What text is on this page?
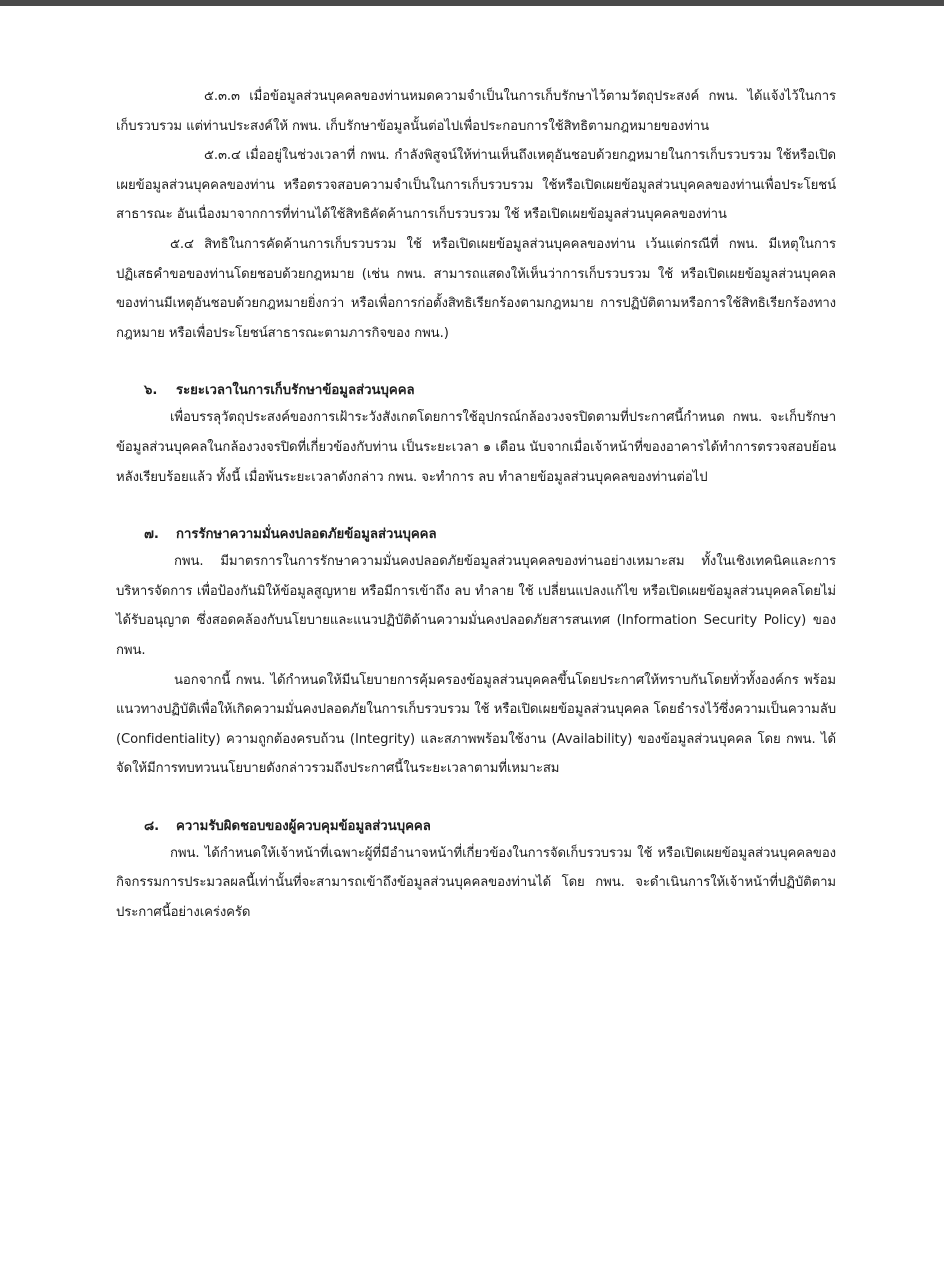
๕.๓.๓ เมื่อข้อมูลส่วนบุคคลของท่านหมดความจำเป็นในการเก็บรักษาไว้ตามวัตถุประสงค์ กพน. ได้แจ้งไว้ในการเก็บรวบรวม แต่ท่านประสงค์ให้ กพน. เก็บรักษาข้อมูลนั้นต่อไปเพื่อประกอบการใช้สิทธิตามกฎหมายของท่าน

๕.๓.๔ เมื่ออยู่ในช่วงเวลาที่ กพน. กำลังพิสูจน์ให้ท่านเห็นถึงเหตุอันชอบด้วยกฎหมายในการเก็บรวบรวม ใช้หรือเปิดเผยข้อมูลส่วนบุคคลของท่าน หรือตรวจสอบความจำเป็นในการเก็บรวบรวม ใช้หรือเปิดเผยข้อมูลส่วนบุคคลของท่านเพื่อประโยชน์สาธารณะ อันเนื่องมาจากการที่ท่านได้ใช้สิทธิคัดค้านการเก็บรวบรวม ใช้ หรือเปิดเผยข้อมูลส่วนบุคคลของท่าน

๕.๔ สิทธิในการคัดค้านการเก็บรวบรวม ใช้ หรือเปิดเผยข้อมูลส่วนบุคคลของท่าน เว้นแต่กรณีที่ กพน. มีเหตุในการปฏิเสธคำขอของท่านโดยชอบด้วยกฎหมาย (เช่น กพน. สามารถแสดงให้เห็นว่าการเก็บรวบรวม ใช้ หรือเปิดเผยข้อมูลส่วนบุคคลของท่านมีเหตุอันชอบด้วยกฎหมายยิ่งกว่า หรือเพื่อการก่อตั้งสิทธิเรียกร้องตามกฎหมาย การปฏิบัติตามหรือการใช้สิทธิเรียกร้องทางกฎหมาย หรือเพื่อประโยชน์สาธารณะตามภารกิจของ กพน.)

๖. ระยะเวลาในการเก็บรักษาข้อมูลส่วนบุคคล

เพื่อบรรลุวัตถุประสงค์ของการเฝ้าระวังสังเกตโดยการใช้อุปกรณ์กล้องวงจรปิดตามที่ประกาศนี้กำหนด กพน. จะเก็บรักษาข้อมูลส่วนบุคคลในกล้องวงจรปิดที่เกี่ยวข้องกับท่าน เป็นระยะเวลา ๑ เดือน นับจากเมื่อเจ้าหน้าที่ของอาคารได้ทำการตรวจสอบย้อนหลังเรียบร้อยแล้ว ทั้งนี้ เมื่อพ้นระยะเวลาดังกล่าว กพน. จะทำการ ลบ ทำลายข้อมูลส่วนบุคคลของท่านต่อไป

๗. การรักษาความมั่นคงปลอดภัยข้อมูลส่วนบุคคล

กพน. มีมาตรการในการรักษาความมั่นคงปลอดภัยข้อมูลส่วนบุคคลของท่านอย่างเหมาะสม ทั้งในเชิงเทคนิคและการบริหารจัดการ เพื่อป้องกันมิให้ข้อมูลสูญหาย หรือมีการเข้าถึง ลบ ทำลาย ใช้ เปลี่ยนแปลงแก้ไข หรือเปิดเผยข้อมูลส่วนบุคคลโดยไม่ได้รับอนุญาต ซึ่งสอดคล้องกับนโยบายและแนวปฏิบัติด้านความมั่นคงปลอดภัยสารสนเทศ (Information Security Policy) ของ กพน.

นอกจากนี้ กพน. ได้กำหนดให้มีนโยบายการคุ้มครองข้อมูลส่วนบุคคลขึ้นโดยประกาศให้ทราบกันโดยทั่วทั้งองค์กร พร้อมแนวทางปฏิบัติเพื่อให้เกิดความมั่นคงปลอดภัยในการเก็บรวบรวม ใช้ หรือเปิดเผยข้อมูลส่วนบุคคล โดยธำรงไว้ซึ่งความเป็นความลับ (Confidentiality) ความถูกต้องครบถ้วน (Integrity) และสภาพพร้อมใช้งาน (Availability) ของข้อมูลส่วนบุคคล โดย กพน. ได้จัดให้มีการทบทวนนโยบายดังกล่าวรวมถึงประกาศนี้ในระยะเวลาตามที่เหมาะสม

๘. ความรับผิดชอบของผู้ควบคุมข้อมูลส่วนบุคคล

กพน. ได้กำหนดให้เจ้าหน้าที่เฉพาะผู้ที่มีอำนาจหน้าที่เกี่ยวข้องในการจัดเก็บรวบรวม ใช้ หรือเปิดเผยข้อมูลส่วนบุคคลของกิจกรรมการประมวลผลนี้เท่านั้นที่จะสามารถเข้าถึงข้อมูลส่วนบุคคลของท่านได้ โดย กพน. จะดำเนินการให้เจ้าหน้าที่ปฏิบัติตามประกาศนี้อย่างเคร่งครัด
